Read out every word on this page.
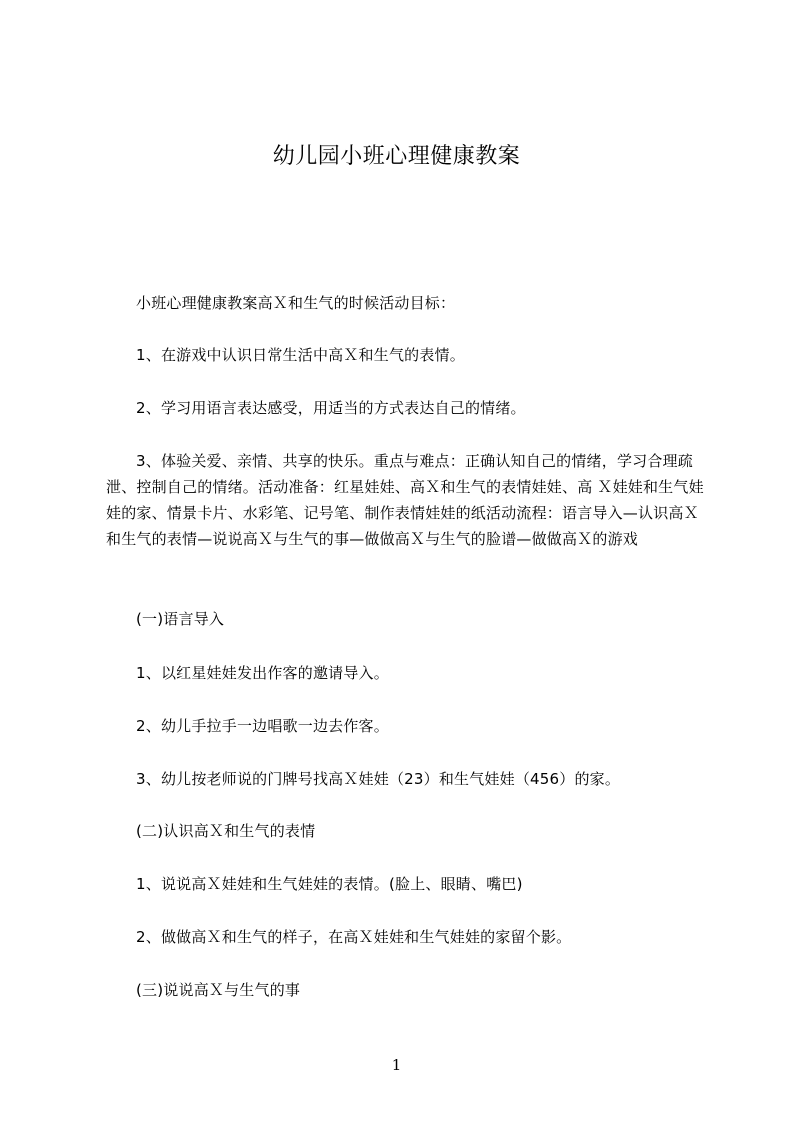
幼儿园小班心理健康教案
小班心理健康教案高Ｘ和生气的时候活动目标：
1、在游戏中认识日常生活中高Ｘ和生气的表情。
2、学习用语言表达感受，用适当的方式表达自己的情绪。
3、体验关爱、亲情、共享的快乐。重点与难点：正确认知自己的情绪，学习合理疏泄、控制自己的情绪。活动准备：红星娃娃、高Ｘ和生气的表情娃娃、高 Ｘ娃娃和生气娃娃的家、情景卡片、水彩笔、记号笔、制作表情娃娃的纸活动流程：语言导入—认识高Ｘ和生气的表情—说说高Ｘ与生气的事—做做高Ｘ与生气的脸谱—做做高Ｘ的游戏
(一)语言导入
1、以红星娃娃发出作客的邀请导入。
2、幼儿手拉手一边唱歌一边去作客。
3、幼儿按老师说的门牌号找高Ｘ娃娃（23）和生气娃娃（456）的家。
(二)认识高Ｘ和生气的表情
1、说说高Ｘ娃娃和生气娃娃的表情。(脸上、眼睛、嘴巴)
2、做做高Ｘ和生气的样子，在高Ｘ娃娃和生气娃娃的家留个影。
(三)说说高Ｘ与生气的事
1
